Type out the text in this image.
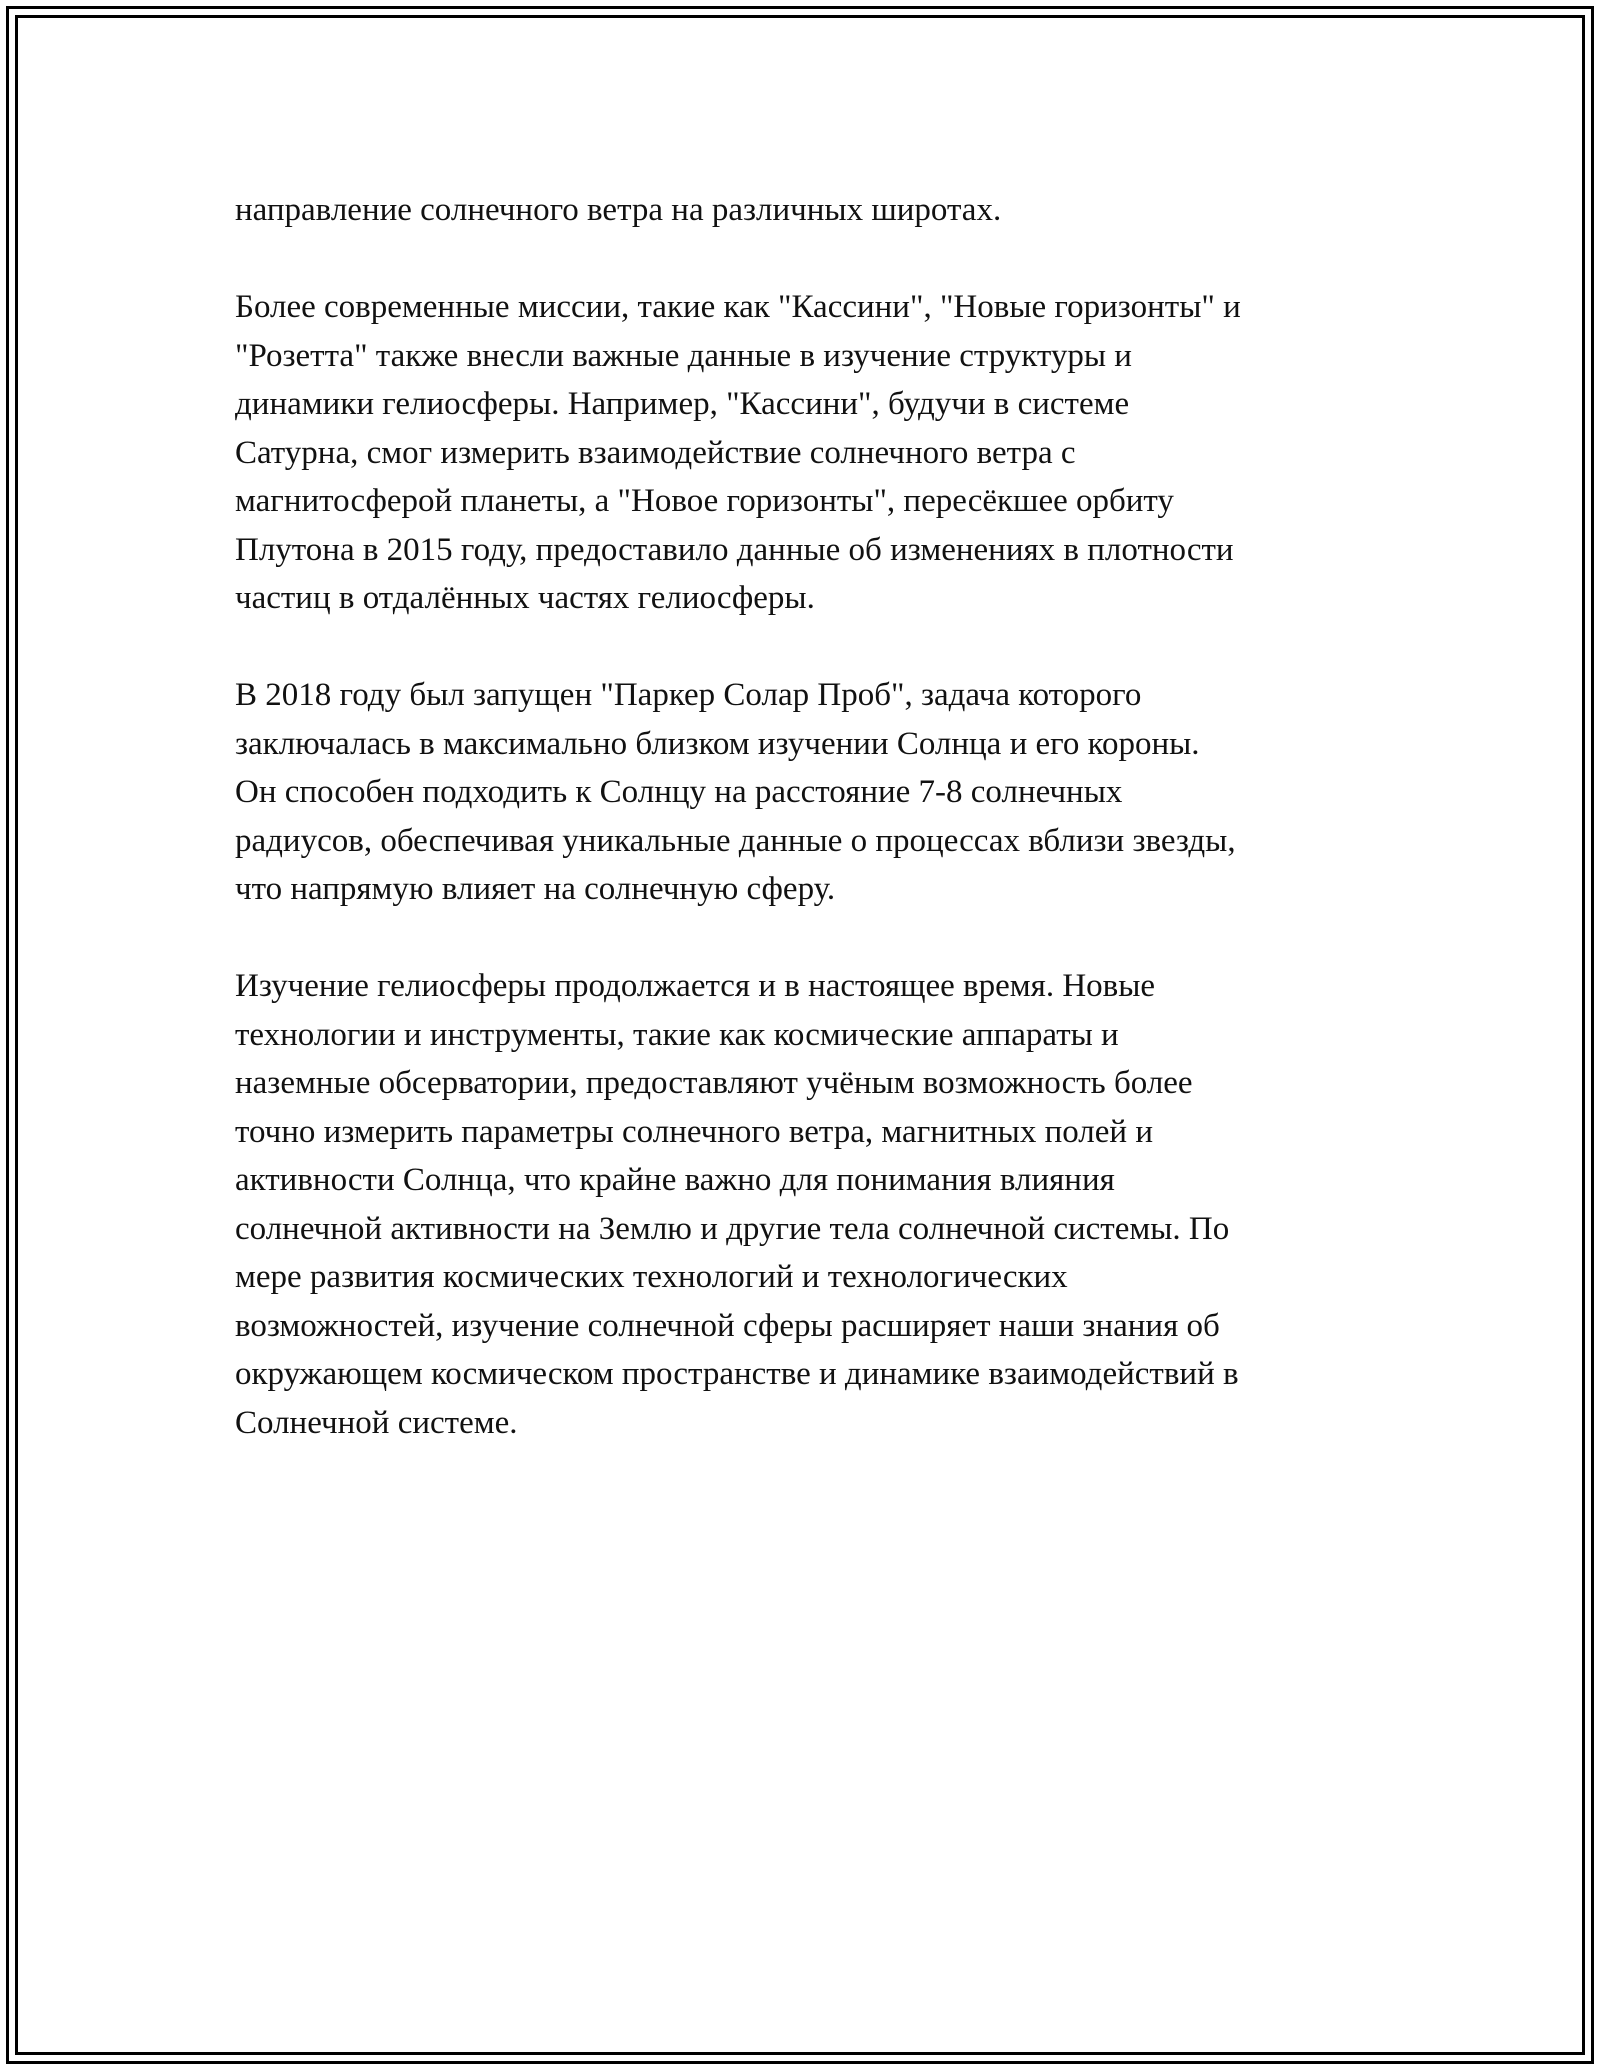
направление солнечного ветра на различных широтах.

Более современные миссии, такие как "Кассини", "Новые горизонты" и
"Розетта" также внесли важные данные в изучение структуры и
динамики гелиосферы. Например, "Кассини", будучи в системе
Сатурна, смог измерить взаимодействие солнечного ветра с
магнитосферой планеты, а "Новое горизонты", пересёкшее орбиту
Плутона в 2015 году, предоставило данные об изменениях в плотности
частиц в отдалённых частях гелиосферы.

В 2018 году был запущен "Паркер Солар Проб", задача которого
заключалась в максимально близком изучении Солнца и его короны.
Он способен подходить к Солнцу на расстояние 7-8 солнечных
радиусов, обеспечивая уникальные данные о процессах вблизи звезды,
что напрямую влияет на солнечную сферу.

Изучение гелиосферы продолжается и в настоящее время. Новые
технологии и инструменты, такие как космические аппараты и
наземные обсерватории, предоставляют учёным возможность более
точно измерить параметры солнечного ветра, магнитных полей и
активности Солнца, что крайне важно для понимания влияния
солнечной активности на Землю и другие тела солнечной системы. По
мере развития космических технологий и технологических
возможностей, изучение солнечной сферы расширяет наши знания об
окружающем космическом пространстве и динамике взаимодействий в
Солнечной системе.
